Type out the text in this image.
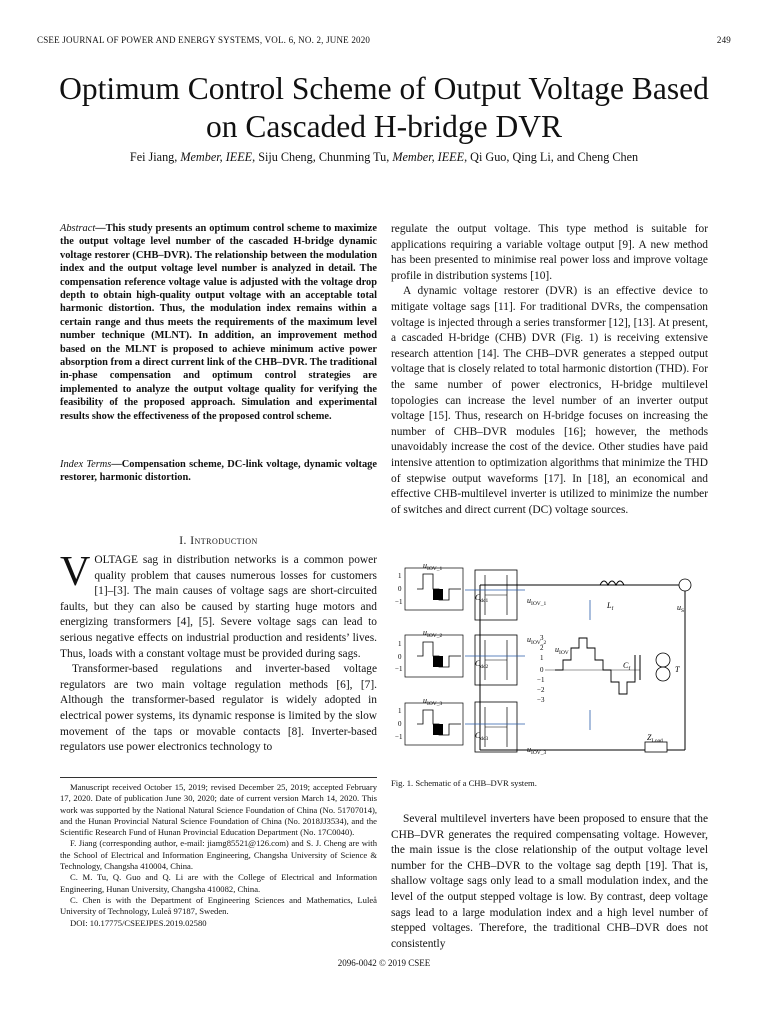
CSEE JOURNAL OF POWER AND ENERGY SYSTEMS, VOL. 6, NO. 2, JUNE 2020	249
Optimum Control Scheme of Output Voltage Based
on Cascaded H-bridge DVR
Fei Jiang, Member, IEEE, Siju Cheng, Chunming Tu, Member, IEEE, Qi Guo, Qing Li, and Cheng Chen
Abstract—This study presents an optimum control scheme to maximize the output voltage level number of the cascaded H-bridge dynamic voltage restorer (CHB–DVR). The relationship between the modulation index and the output voltage level number is analyzed in detail. The compensation reference voltage value is adjusted with the voltage drop depth to obtain high-quality output voltage with an acceptable total harmonic distortion. Thus, the modulation index remains within a certain range and thus meets the requirements of the maximum level number technique (MLNT). In addition, an improvement method based on the MLNT is proposed to achieve minimum active power absorption from a direct current link of the CHB–DVR. The traditional in-phase compensation and optimum control strategies are implemented to analyze the output voltage quality for verifying the feasibility of the proposed approach. Simulation and experimental results show the effectiveness of the proposed control scheme.
Index Terms—Compensation scheme, DC-link voltage, dynamic voltage restorer, harmonic distortion.
I. Introduction

VOLTAGE sag in distribution networks is a common power quality problem that causes numerous losses for customers [1]–[3]. The main causes of voltage sags are short-circuited faults, but they can also be caused by starting huge motors and energizing transformers [4], [5]. Severe voltage sags can lead to serious negative effects on industrial production and residents’ lives. Thus, loads with a constant voltage must be provided during sags.

Transformer-based regulations and inverter-based voltage regulators are two main voltage regulation methods [6], [7]. Although the transformer-based regulator is widely adopted in electrical power systems, its dynamic response is limited by the slow movement of the taps or movable contacts [8]. Inverter-based regulators use power electronics technology to

Manuscript received October 15, 2019; revised December 25, 2019; accepted February 17, 2020. Date of publication June 30, 2020; date of current version March 14, 2020. This work was supported by the National Natural Science Foundation of China (No. 51707014), and the Hunan Provincial Natural Science Foundation of China (No. 2018JJ3534), and the Scientific Research Fund of Hunan Provincial Education Department (No. 17C0040).

F. Jiang (corresponding author, e-mail: jiamg85521@126.com) and S. J. Cheng are with the School of Electrical and Information Engineering, Changsha University of Science & Technology, Changsha 410004, China.

C. M. Tu, Q. Guo and Q. Li are with the College of Electrical and Information Engineering, Hunan University, Changsha 410082, China.

C. Chen is with the Department of Engineering Sciences and Mathematics, Luleå University of Technology, Luleå 97187, Sweden.

DOI: 10.17775/CSEEJPES.2019.02580

regulate the output voltage. This type method is suitable for applications requiring a variable voltage output [9]. A new method has been presented to minimise real power loss and improve voltage profile in distribution systems [10].

A dynamic voltage restorer (DVR) is an effective device to mitigate voltage sags [11]. For traditional DVRs, the compensation voltage is injected through a series transformer [12], [13]. At present, a cascaded H-bridge (CHB) DVR (Fig. 1) is receiving extensive research attention [14]. The CHB–DVR generates a stepped output voltage that is closely related to total harmonic distortion (THD). For the same number of power electronics, H-bridge multilevel topologies can increase the level number of an inverter output voltage [15]. Thus, research on H-bridge focuses on increasing the number of CHB–DVR modules [16]; however, the methods unavoidably increase the cost of the device. Other studies have paid intensive attention to optimization algorithms that minimize the THD of stepwise output waveforms [17]. In [18], an economical and effective CHB-multilevel inverter is utilized to minimize the number of switches and direct current (DC) voltage sources.

$u_{IOV\_1}$
$u_{IOV\_2}$
$u_{IOV\_3}$
$u_{IOV\_1}$
$u_{IOV\_2}$
$u_{IOV\_3}$
$u_{IOV}$
$C_{dc1}$
$C_{dc2}$
$C_{dc3}$
$L_f$
$C_f$	T
$u_S$
$Z_{Load}$
1
0
−1
1
0
−1
1
0
−1
3
2
1
0
−1
−2
−3
Fig. 1. Schematic of a CHB–DVR system.

Several multilevel inverters have been proposed to ensure that the CHB–DVR generates the required compensating voltage. However, the main issue is the close relationship of the output voltage level number for the CHB–DVR to the voltage sag depth [19]. That is, shallow voltage sags only lead to a small modulation index, and the level of the output stepped voltage is low. By contrast, deep voltage sags lead to a large modulation index and a high level number of stepped voltages. Therefore, the traditional CHB–DVR does not consistently

2096-0042 © 2019 CSEE
